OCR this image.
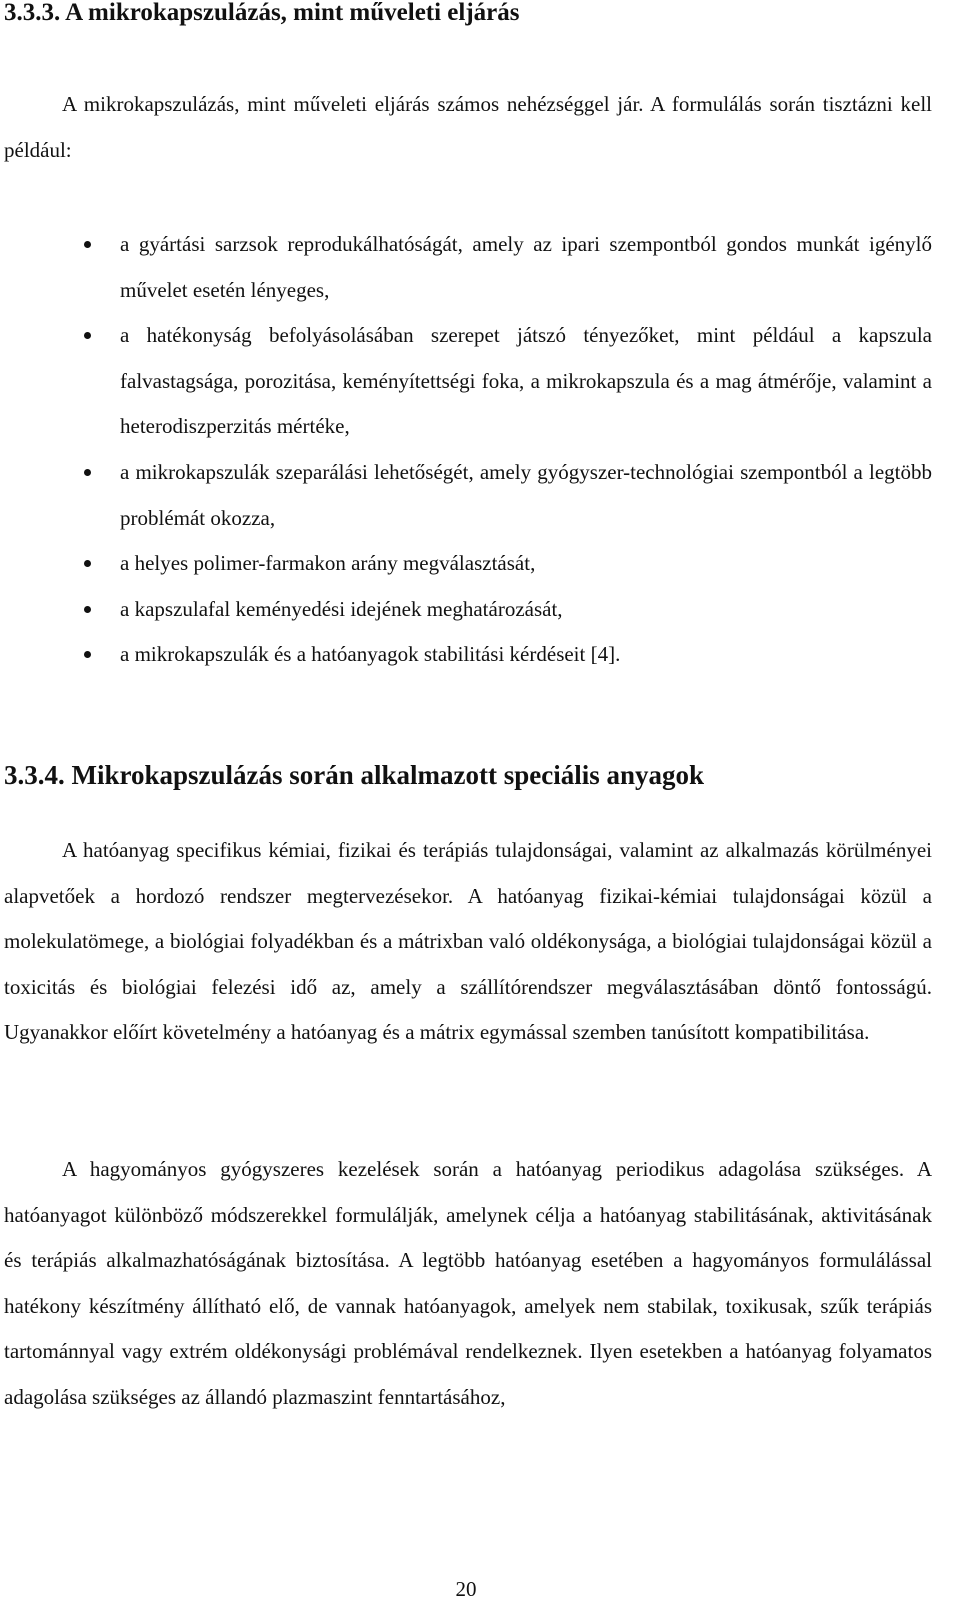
3.3.3. A mikrokapszulázás, mint műveleti eljárás

A mikrokapszulázás, mint műveleti eljárás számos nehézséggel jár. A formulálás során tisztázni kell például:

a gyártási sarzsok reprodukálhatóságát, amely az ipari szempontból gondos munkát igénylő művelet esetén lényeges,
a hatékonyság befolyásolásában szerepet játszó tényezőket, mint például a kapszula falvastagsága, porozitása, keményítettségi foka, a mikrokapszula és a mag átmérője, valamint a heterodiszperzitás mértéke,
a mikrokapszulák szeparálási lehetőségét, amely gyógyszer-technológiai szempontból a legtöbb problémát okozza,
a helyes polimer-farmakon arány megválasztását,
a kapszulafal keményedési idejének meghatározását,
a mikrokapszulák és a hatóanyagok stabilitási kérdéseit [4].
3.3.4. Mikrokapszulázás során alkalmazott speciális anyagok

A hatóanyag specifikus kémiai, fizikai és terápiás tulajdonságai, valamint az alkalmazás körülményei alapvetőek a hordozó rendszer megtervezésekor. A hatóanyag fizikai-kémiai tulajdonságai közül a molekulatömege, a biológiai folyadékban és a mátrixban való oldékonysága, a biológiai tulajdonságai közül a toxicitás és biológiai felezési idő az, amely a szállítórendszer megválasztásában döntő fontosságú. Ugyanakkor előírt követelmény a hatóanyag és a mátrix egymással szemben tanúsított kompatibilitása.

A hagyományos gyógyszeres kezelések során a hatóanyag periodikus adagolása szükséges. A hatóanyagot különböző módszerekkel formulálják, amelynek célja a hatóanyag stabilitásának, aktivitásának és terápiás alkalmazhatóságának biztosítása. A legtöbb hatóanyag esetében a hagyományos formulálással hatékony készítmény állítható elő, de vannak hatóanyagok, amelyek nem stabilak, toxikusak, szűk terápiás tartománnyal vagy extrém oldékonysági problémával rendelkeznek. Ilyen esetekben a hatóanyag folyamatos adagolása szükséges az állandó plazmaszint fenntartásához,

20
